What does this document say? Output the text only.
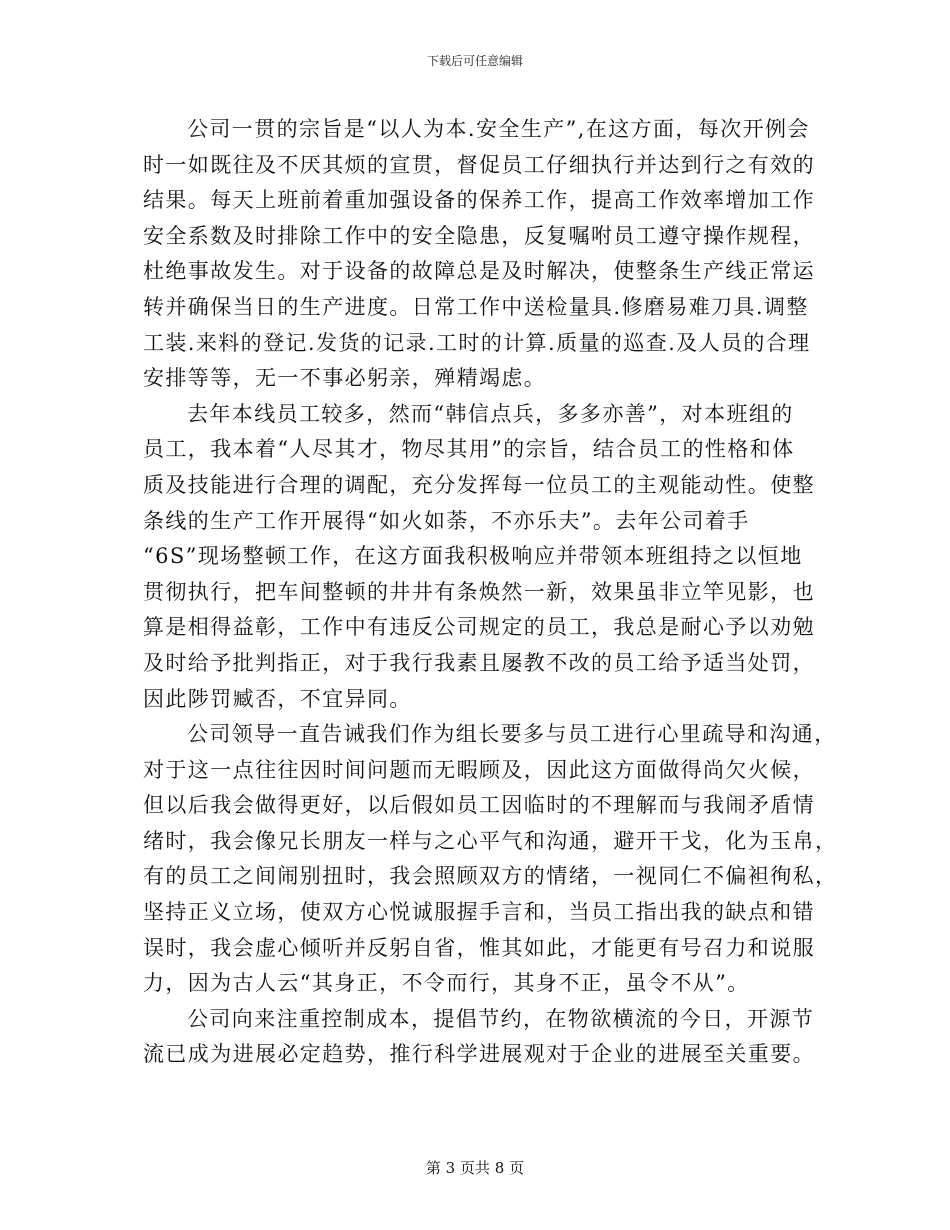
下载后可任意编辑
公司一贯的宗旨是“以人为本.安全生产”,在这方面，每次开例会
时一如既往及不厌其烦的宣贯，督促员工仔细执行并达到行之有效的
结果。每天上班前着重加强设备的保养工作，提高工作效率增加工作
安全系数及时排除工作中的安全隐患，反复嘱咐员工遵守操作规程，
杜绝事故发生。对于设备的故障总是及时解决，使整条生产线正常运
转并确保当日的生产进度。日常工作中送检量具.修磨易难刀具.调整
工装.来料的登记.发货的记录.工时的计算.质量的巡查.及人员的合理
安排等等，无一不事必躬亲，殚精竭虑。
去年本线员工较多，然而“韩信点兵，多多亦善”，对本班组的
员工，我本着“人尽其才，物尽其用”的宗旨，结合员工的性格和体
质及技能进行合理的调配，充分发挥每一位员工的主观能动性。使整
条线的生产工作开展得“如火如荼，不亦乐夫”。去年公司着手
“6S”现场整顿工作，在这方面我积极响应并带领本班组持之以恒地
贯彻执行，把车间整顿的井井有条焕然一新，效果虽非立竿见影，也
算是相得益彰，工作中有违反公司规定的员工，我总是耐心予以劝勉
及时给予批判指正，对于我行我素且屡教不改的员工给予适当处罚，
因此陟罚臧否，不宜异同。
公司领导一直告诫我们作为组长要多与员工进行心里疏导和沟通，
对于这一点往往因时间问题而无暇顾及，因此这方面做得尚欠火候，
但以后我会做得更好，以后假如员工因临时的不理解而与我闹矛盾情
绪时，我会像兄长朋友一样与之心平气和沟通，避开干戈，化为玉帛，
有的员工之间闹别扭时，我会照顾双方的情绪，一视同仁不偏袒徇私，
坚持正义立场，使双方心悦诚服握手言和，当员工指出我的缺点和错
误时，我会虚心倾听并反躬自省，惟其如此，才能更有号召力和说服
力，因为古人云“其身正，不令而行，其身不正，虽令不从”。
公司向来注重控制成本，提倡节约，在物欲横流的今日，开源节
流已成为进展必定趋势，推行科学进展观对于企业的进展至关重要。
第 3 页共 8 页
